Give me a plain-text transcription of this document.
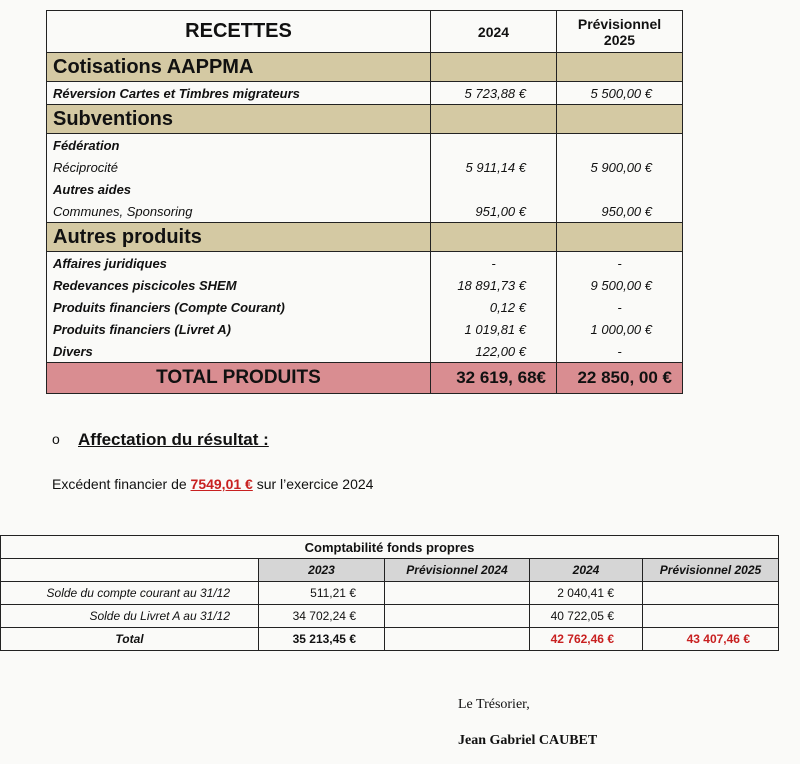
RECETTES	2024	Prévisionnel
2025

Cotisations AAPPMA		
Réversion Cartes et Timbres migrateurs	5 723,88 €	5 500,00 €
Subventions		
Fédération		
Réciprocité	5 911,14 €	5 900,00 €
Autres aides		
Communes, Sponsoring	951,00 €	950,00 €
Autres produits		
Affaires juridiques	-	-
Redevances piscicoles SHEM	18 891,73 €	9 500,00 €
Produits financiers (Compte Courant)	0,12 €	-
Produits financiers (Livret A)	1 019,81 €	1 000,00 €
Divers	122,00 €	-
TOTAL PRODUITS	32 619, 68€	22 850, 00 €
o Affectation du résultat :
Excédent financier de 7549,01 € sur l’exercice 2024
Comptabilité fonds propres				
	2023	Prévisionnel 2024	2024	Prévisionnel 2025
Solde du compte courant au 31/12	511,21 €		2 040,41 €	
Solde du Livret A au 31/12	34 702,24 €		40 722,05 €	
Total	35 213,45 €		42 762,46 €	43 407,46 €
Le Trésorier,
Jean Gabriel CAUBET
